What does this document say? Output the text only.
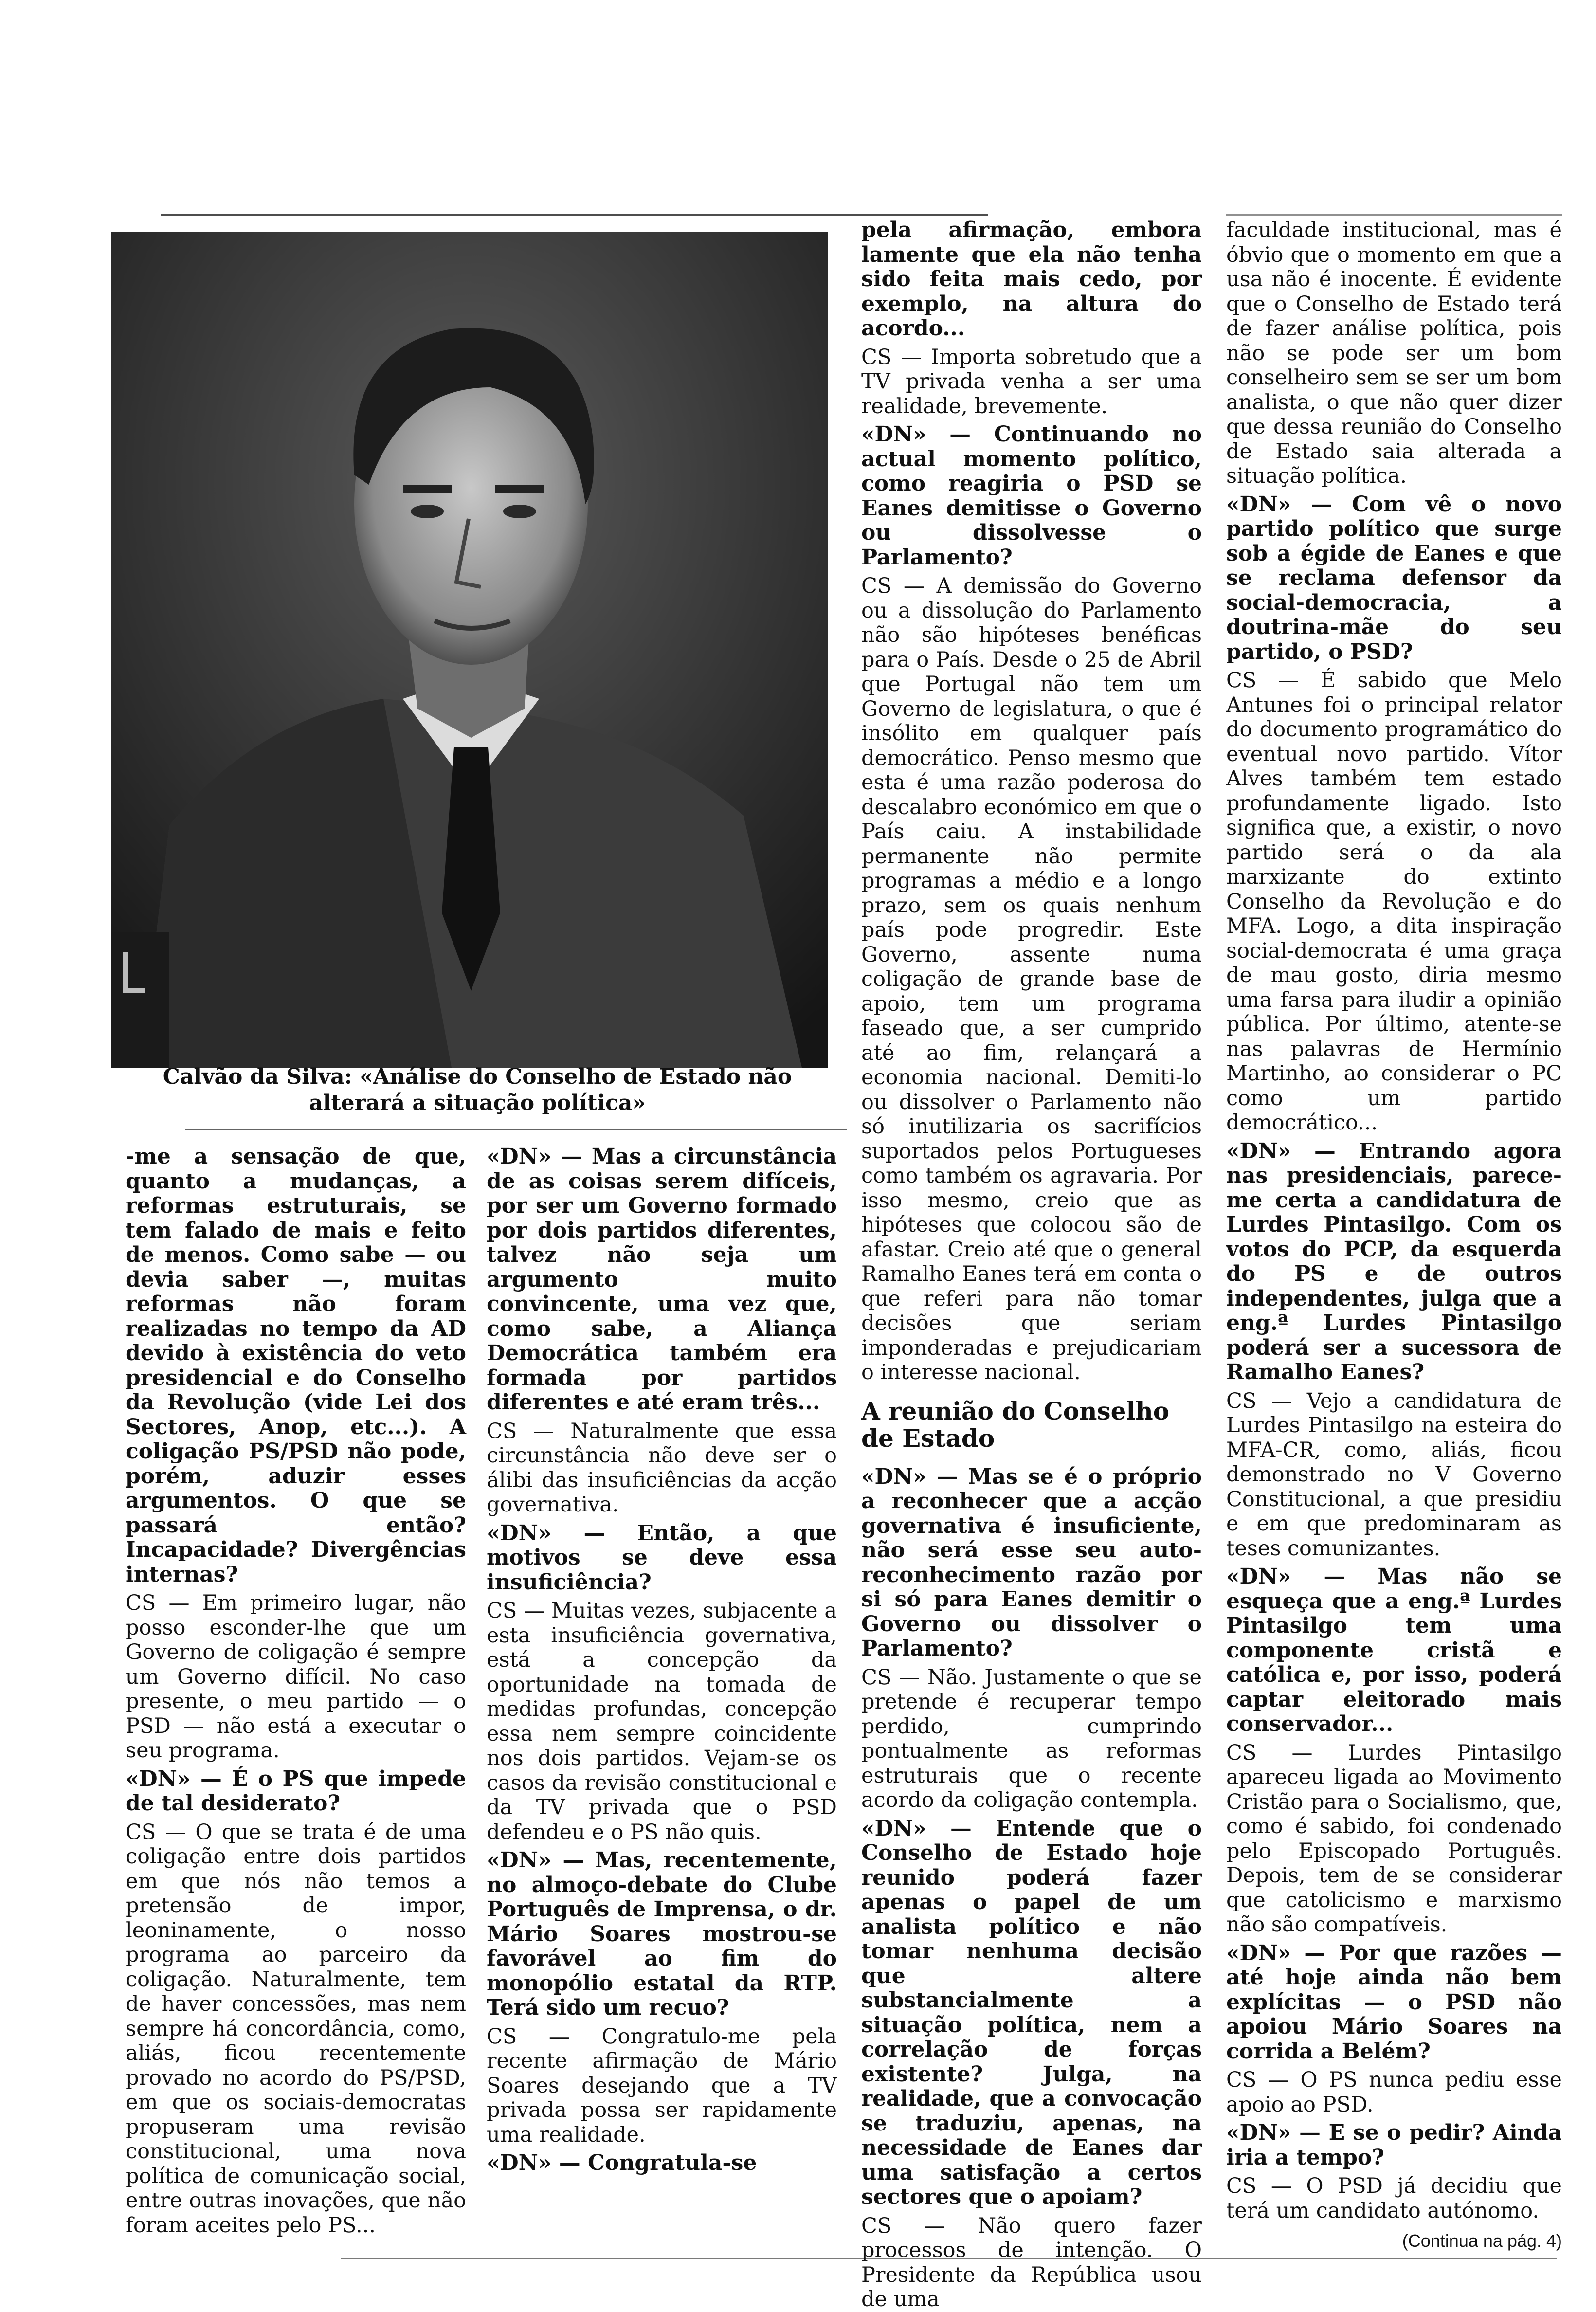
Calvão da Silva: «Análise do Conselho de Estado não alterará a situação política»

-me a sensação de que, quanto a mudanças, a reformas estruturais, se tem falado de mais e feito de menos. Como sabe — ou devia saber —, muitas reformas não foram realizadas no tempo da AD devido à existência do veto presidencial e do Conselho da Revolução (vide Lei dos Sectores, Anop, etc...). A coligação PS/PSD não pode, porém, aduzir esses argumentos. O que se passará então? Incapacidade? Divergências internas?

CS — Em primeiro lugar, não posso esconder-lhe que um Governo de coligação é sempre um Governo difícil. No caso presente, o meu partido — o PSD — não está a executar o seu programa.

«DN» — É o PS que impede de tal desiderato?

CS — O que se trata é de uma coligação entre dois partidos em que nós não temos a pretensão de impor, leoninamente, o nosso programa ao parceiro da coligação. Naturalmente, tem de haver concessões, mas nem sempre há concordância, como, aliás, ficou recentemente provado no acordo do PS/PSD, em que os sociais-democratas propuseram uma revisão constitucional, uma nova política de comunicação social, entre outras inovações, que não foram aceites pelo PS...

«DN» — Mas a circunstância de as coisas serem difíceis, por ser um Governo formado por dois partidos diferentes, talvez não seja um argumento muito convincente, uma vez que, como sabe, a Aliança Democrática também era formada por partidos diferentes e até eram três...

CS — Naturalmente que essa circunstância não deve ser o álibi das insuficiências da acção governativa.

«DN» — Então, a que motivos se deve essa insuficiência?

CS — Muitas vezes, subjacente a esta insuficiência governativa, está a concepção da oportunidade na tomada de medidas profundas, concepção essa nem sempre coincidente nos dois partidos. Vejam-se os casos da revisão constitucional e da TV privada que o PSD defendeu e o PS não quis.

«DN» — Mas, recentemente, no almoço-debate do Clube Português de Imprensa, o dr. Mário Soares mostrou-se favorável ao fim do monopólio estatal da RTP. Terá sido um recuo?

CS — Congratulo-me pela recente afirmação de Mário Soares desejando que a TV privada possa ser rapidamente uma realidade.

«DN» — Congratula-se

pela afirmação, embora lamente que ela não tenha sido feita mais cedo, por exemplo, na altura do acordo...

CS — Importa sobretudo que a TV privada venha a ser uma realidade, brevemente.

«DN» — Continuando no actual momento político, como reagiria o PSD se Eanes demitisse o Governo ou dissolvesse o Parlamento?

CS — A demissão do Governo ou a dissolução do Parlamento não são hipóteses benéficas para o País. Desde o 25 de Abril que Portugal não tem um Governo de legislatura, o que é insólito em qualquer país democrático. Penso mesmo que esta é uma razão poderosa do descalabro económico em que o País caiu. A instabilidade permanente não permite programas a médio e a longo prazo, sem os quais nenhum país pode progredir. Este Governo, assente numa coligação de grande base de apoio, tem um programa faseado que, a ser cumprido até ao fim, relançará a economia nacional. Demiti-lo ou dissolver o Parlamento não só inutilizaria os sacrifícios suportados pelos Portugueses como também os agravaria. Por isso mesmo, creio que as hipóteses que colocou são de afastar. Creio até que o general Ramalho Eanes terá em conta o que referi para não tomar decisões que seriam imponderadas e prejudicariam o interesse nacional.

A reunião do Conselho de Estado

«DN» — Mas se é o próprio a reconhecer que a acção governativa é insuficiente, não será esse seu auto-reconhecimento razão por si só para Eanes demitir o Governo ou dissolver o Parlamento?

CS — Não. Justamente o que se pretende é recuperar tempo perdido, cumprindo pontualmente as reformas estruturais que o recente acordo da coligação contempla.

«DN» — Entende que o Conselho de Estado hoje reunido poderá fazer apenas o papel de um analista político e não tomar nenhuma decisão que altere substancialmente a situação política, nem a correlação de forças existente? Julga, na realidade, que a convocação se traduziu, apenas, na necessidade de Eanes dar uma satisfação a certos sectores que o apoiam?

CS — Não quero fazer processos de intenção. O Presidente da República usou de uma

faculdade institucional, mas é óbvio que o momento em que a usa não é inocente. É evidente que o Conselho de Estado terá de fazer análise política, pois não se pode ser um bom conselheiro sem se ser um bom analista, o que não quer dizer que dessa reunião do Conselho de Estado saia alterada a situação política.

«DN» — Com vê o novo partido político que surge sob a égide de Eanes e que se reclama defensor da social-democracia, a doutrina-mãe do seu partido, o PSD?

CS — É sabido que Melo Antunes foi o principal relator do documento programático do eventual novo partido. Vítor Alves também tem estado profundamente ligado. Isto significa que, a existir, o novo partido será o da ala marxizante do extinto Conselho da Revolução e do MFA. Logo, a dita inspiração social-democrata é uma graça de mau gosto, diria mesmo uma farsa para iludir a opinião pública. Por último, atente-se nas palavras de Hermínio Martinho, ao considerar o PC como um partido democrático...

«DN» — Entrando agora nas presidenciais, parece-me certa a candidatura de Lurdes Pintasilgo. Com os votos do PCP, da esquerda do PS e de outros independentes, julga que a eng.ª Lurdes Pintasilgo poderá ser a sucessora de Ramalho Eanes?

CS — Vejo a candidatura de Lurdes Pintasilgo na esteira do MFA-CR, como, aliás, ficou demonstrado no V Governo Constitucional, a que presidiu e em que predominaram as teses comunizantes.

«DN» — Mas não se esqueça que a eng.ª Lurdes Pintasilgo tem uma componente cristã e católica e, por isso, poderá captar eleitorado mais conservador...

CS — Lurdes Pintasilgo apareceu ligada ao Movimento Cristão para o Socialismo, que, como é sabido, foi condenado pelo Episcopado Português. Depois, tem de se considerar que catolicismo e marxismo não são compatíveis.

«DN» — Por que razões — até hoje ainda não bem explícitas — o PSD não apoiou Mário Soares na corrida a Belém?

CS — O PS nunca pediu esse apoio ao PSD.

«DN» — E se o pedir? Ainda iria a tempo?

CS — O PSD já decidiu que terá um candidato autónomo.

(Continua na pág. 4)
